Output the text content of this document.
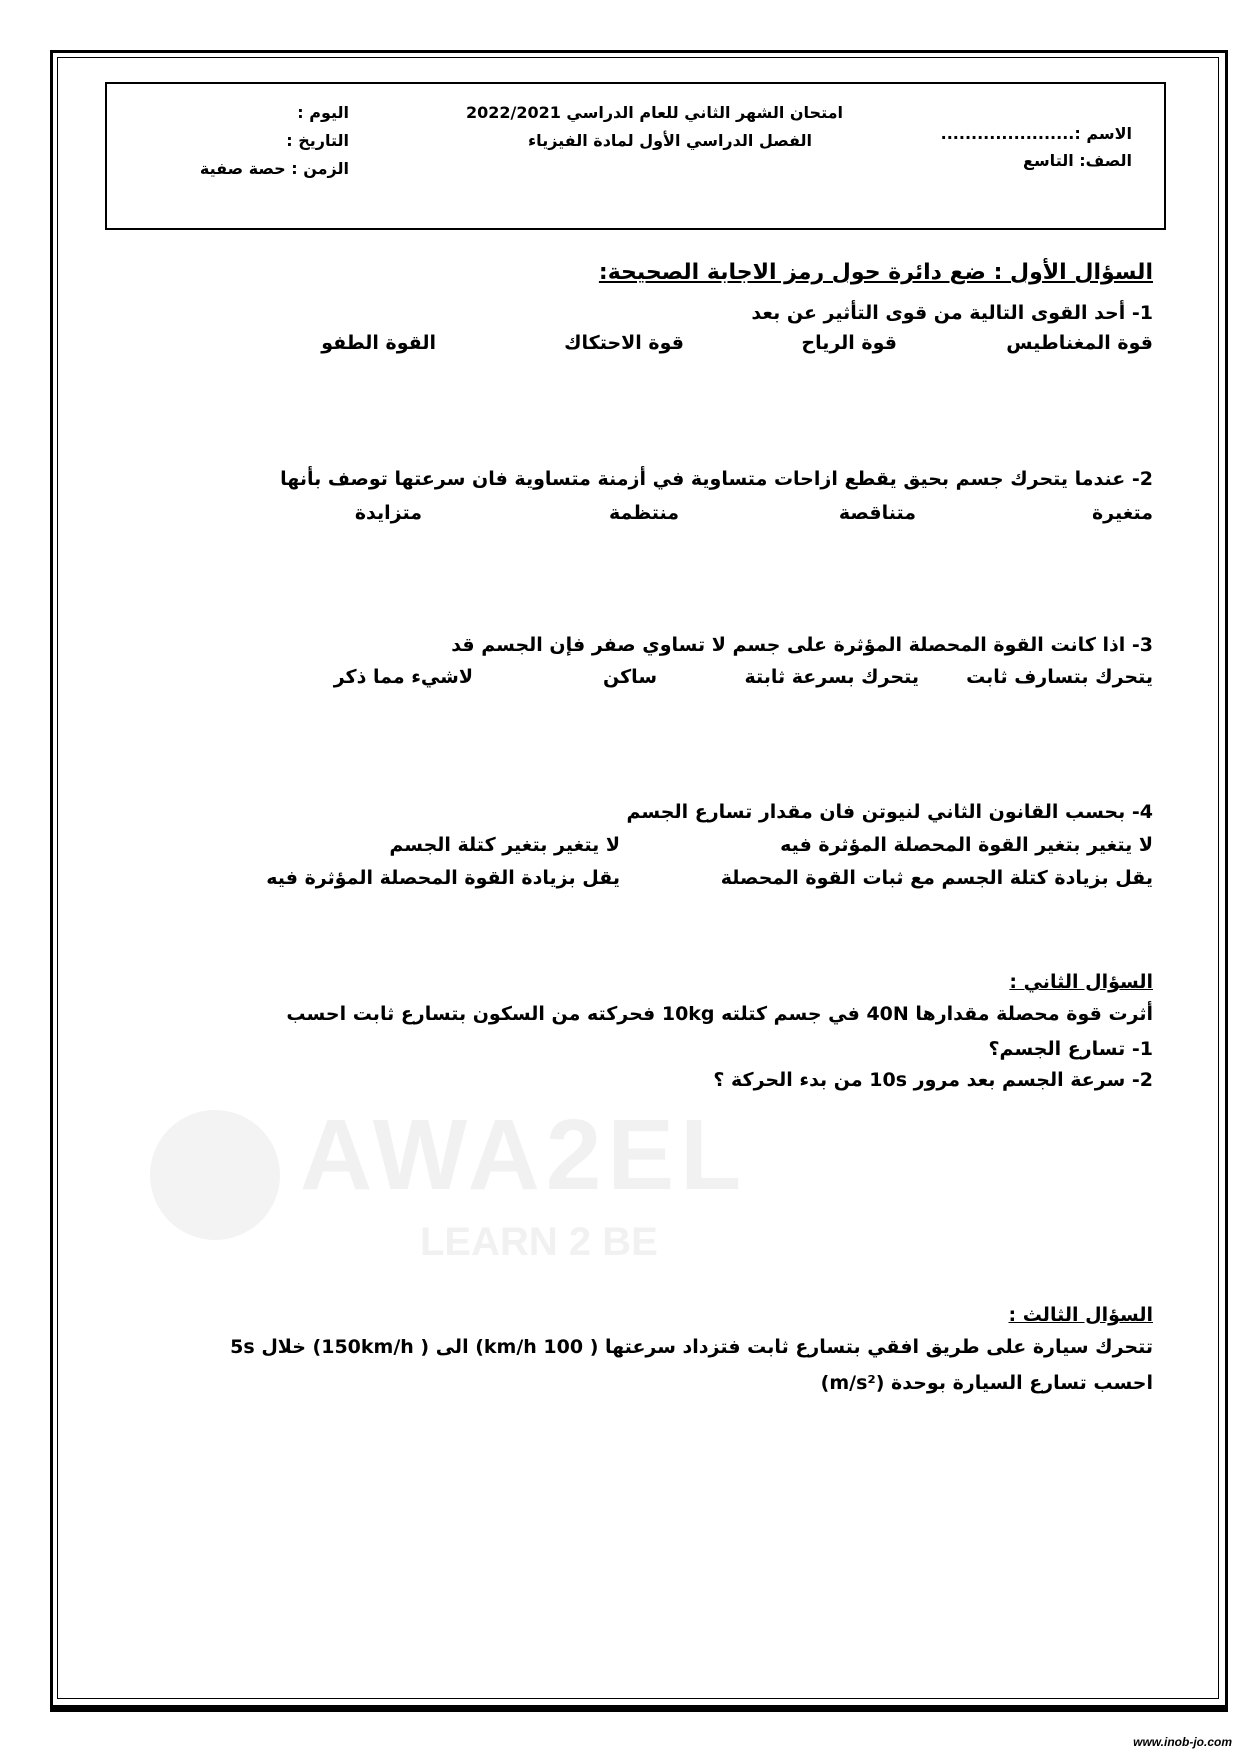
AWA2EL
LEARN 2 BE
امتحان الشهر الثاني للعام الدراسي 2022/2021
الفصل الدراسي الأول لمادة الفيزياء	الاسم :......................
الصف: التاسع
اليوم :
التاريخ :
الزمن : حصة صفية
السؤال الأول : ضع دائرة حول رمز الاجابة الصحيحة:
1- أحد القوى التالية من قوى التأثير عن بعد
قوة المغناطيس
قوة الرياح
قوة الاحتكاك
القوة الطفو
2- عندما يتحرك جسم بحيق يقطع ازاحات متساوية في أزمنة متساوية فان سرعتها توصف بأنها
متغيرة
متناقصة
منتظمة
متزايدة
3- اذا كانت القوة المحصلة المؤثرة على جسم لا تساوي صفر فإن الجسم قد
يتحرك بتسارف ثابت
يتحرك بسرعة ثابتة
ساكن
لاشيء مما ذكر
4- بحسب القانون الثاني لنيوتن فان مقدار تسارع الجسم
لا يتغير بتغير القوة المحصلة المؤثرة فيه
لا يتغير بتغير كتلة الجسم
يقل بزيادة كتلة الجسم مع ثبات القوة المحصلة
يقل بزيادة القوة المحصلة المؤثرة فيه
السؤال الثاني :
أثرت قوة محصلة مقدارها 40N في جسم كتلته 10kg فحركته من السكون بتسارع ثابت احسب
1- تسارع الجسم؟
2- سرعة الجسم بعد مرور 10s من بدء الحركة ؟
السؤال الثالث :
تتحرك سيارة على طريق افقي بتسارع ثابت فتزداد سرعتها ( 100 km/h) الى ( 150km/h) خلال 5s
احسب تسارع السيارة بوحدة (m/s²)
www.inob-jo.com
